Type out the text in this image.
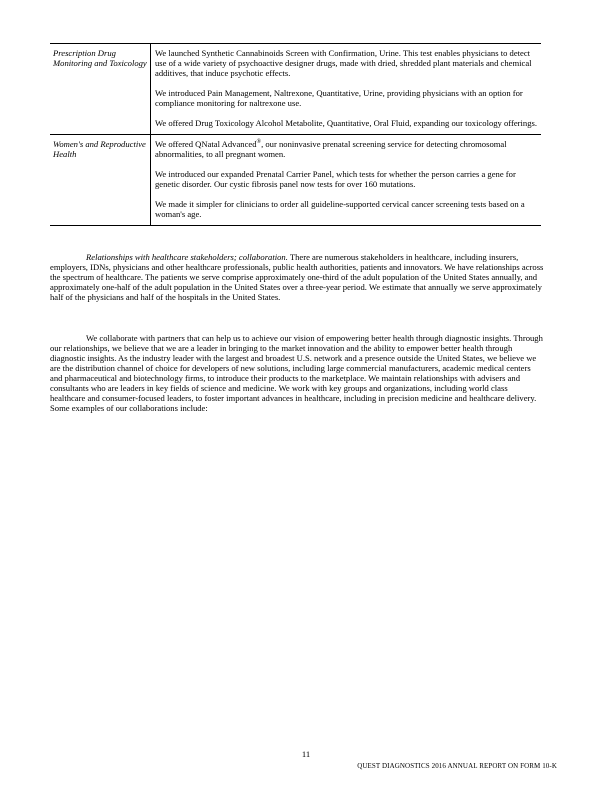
Prescription Drug Monitoring and Toxicology	We launched Synthetic Cannabinoids Screen with Confirmation, Urine. This test enables physicians to detect use of a wide variety of psychoactive designer drugs, made with dried, shredded plant materials and chemical additives, that induce psychotic effects.

We introduced Pain Management, Naltrexone, Quantitative, Urine, providing physicians with an option for compliance monitoring for naltrexone use.

We offered Drug Toxicology Alcohol Metabolite, Quantitative, Oral Fluid, expanding our toxicology offerings.

Women's and Reproductive Health	We offered QNatal Advanced®, our noninvasive prenatal screening service for detecting chromosomal abnormalities, to all pregnant women.

We introduced our expanded Prenatal Carrier Panel, which tests for whether the person carries a gene for genetic disorder. Our cystic fibrosis panel now tests for over 160 mutations.

We made it simpler for clinicians to order all guideline-supported cervical cancer screening tests based on a woman's age.

Relationships with healthcare stakeholders; collaboration. There are numerous stakeholders in healthcare, including insurers, employers, IDNs, physicians and other healthcare professionals, public health authorities, patients and innovators. We have relationships across the spectrum of healthcare. The patients we serve comprise approximately one-third of the adult population of the United States annually, and approximately one-half of the adult population in the United States over a three-year period. We estimate that annually we serve approximately half of the physicians and half of the hospitals in the United States.

We collaborate with partners that can help us to achieve our vision of empowering better health through diagnostic insights. Through our relationships, we believe that we are a leader in bringing to the market innovation and the ability to empower better health through diagnostic insights. As the industry leader with the largest and broadest U.S. network and a presence outside the United States, we believe we are the distribution channel of choice for developers of new solutions, including large commercial manufacturers, academic medical centers and pharmaceutical and biotechnology firms, to introduce their products to the marketplace. We maintain relationships with advisers and consultants who are leaders in key fields of science and medicine. We work with key groups and organizations, including world class healthcare and consumer-focused leaders, to foster important advances in healthcare, including in precision medicine and healthcare delivery. Some examples of our collaborations include:

11

QUEST DIAGNOSTICS 2016 ANNUAL REPORT ON FORM 10-K
